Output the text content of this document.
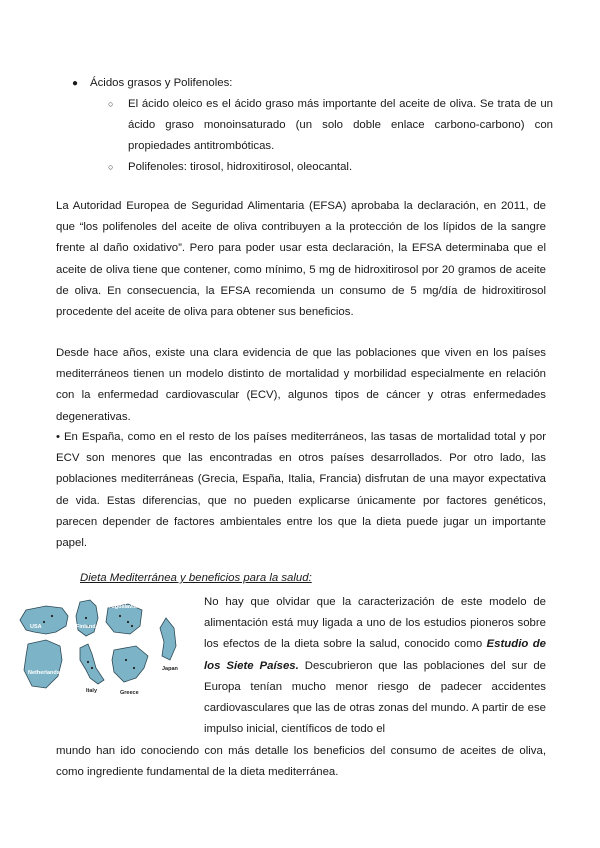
● Ácidos grasos y Polifenoles:
○ El ácido oleico es el ácido graso más importante del aceite de oliva. Se trata de un ácido graso monoinsaturado (un solo doble enlace carbono-carbono) con propiedades antitrombóticas.
○ Polifenoles: tirosol, hidroxitirosol, oleocantal.
La Autoridad Europea de Seguridad Alimentaria (EFSA) aprobaba la declaración, en 2011, de que “los polifenoles del aceite de oliva contribuyen a la protección de los lípidos de la sangre frente al daño oxidativo”. Pero para poder usar esta declaración, la EFSA determinaba que el aceite de oliva tiene que contener, como mínimo, 5 mg de hidroxitirosol por 20 gramos de aceite de oliva. En consecuencia, la EFSA recomienda un consumo de 5 mg/día de hidroxitirosol procedente del aceite de oliva para obtener sus beneficios.
Desde hace años, existe una clara evidencia de que las poblaciones que viven en los países mediterráneos tienen un modelo distinto de mortalidad y morbilidad especialmente en relación con la enfermedad cardiovascular (ECV), algunos tipos de cáncer y otras enfermedades degenerativas.
• En España, como en el resto de los países mediterráneos, las tasas de mortalidad total y por ECV son menores que las encontradas en otros países desarrollados. Por otro lado, las poblaciones mediterráneas (Grecia, España, Italia, Francia) disfrutan de una mayor expectativa de vida. Estas diferencias, que no pueden explicarse únicamente por factores genéticos, parecen depender de factores ambientales entre los que la dieta puede jugar un importante papel.
Dieta Mediterránea y beneficios para la salud:
USA	Finland
Yugoslavia
Netherlands
Italy	Greece
Japan
No hay que olvidar que la caracterización de este modelo de alimentación está muy ligada a uno de los estudios pioneros sobre los efectos de la dieta sobre la salud, conocido como Estudio de los Siete Países. Descubrieron que las poblaciones del sur de Europa tenían mucho menor riesgo de padecer accidentes cardiovasculares que las de otras zonas del mundo. A partir de ese impulso inicial, científicos de todo el
mundo han ido conociendo con más detalle los beneficios del consumo de aceites de oliva, como ingrediente fundamental de la dieta mediterránea.
